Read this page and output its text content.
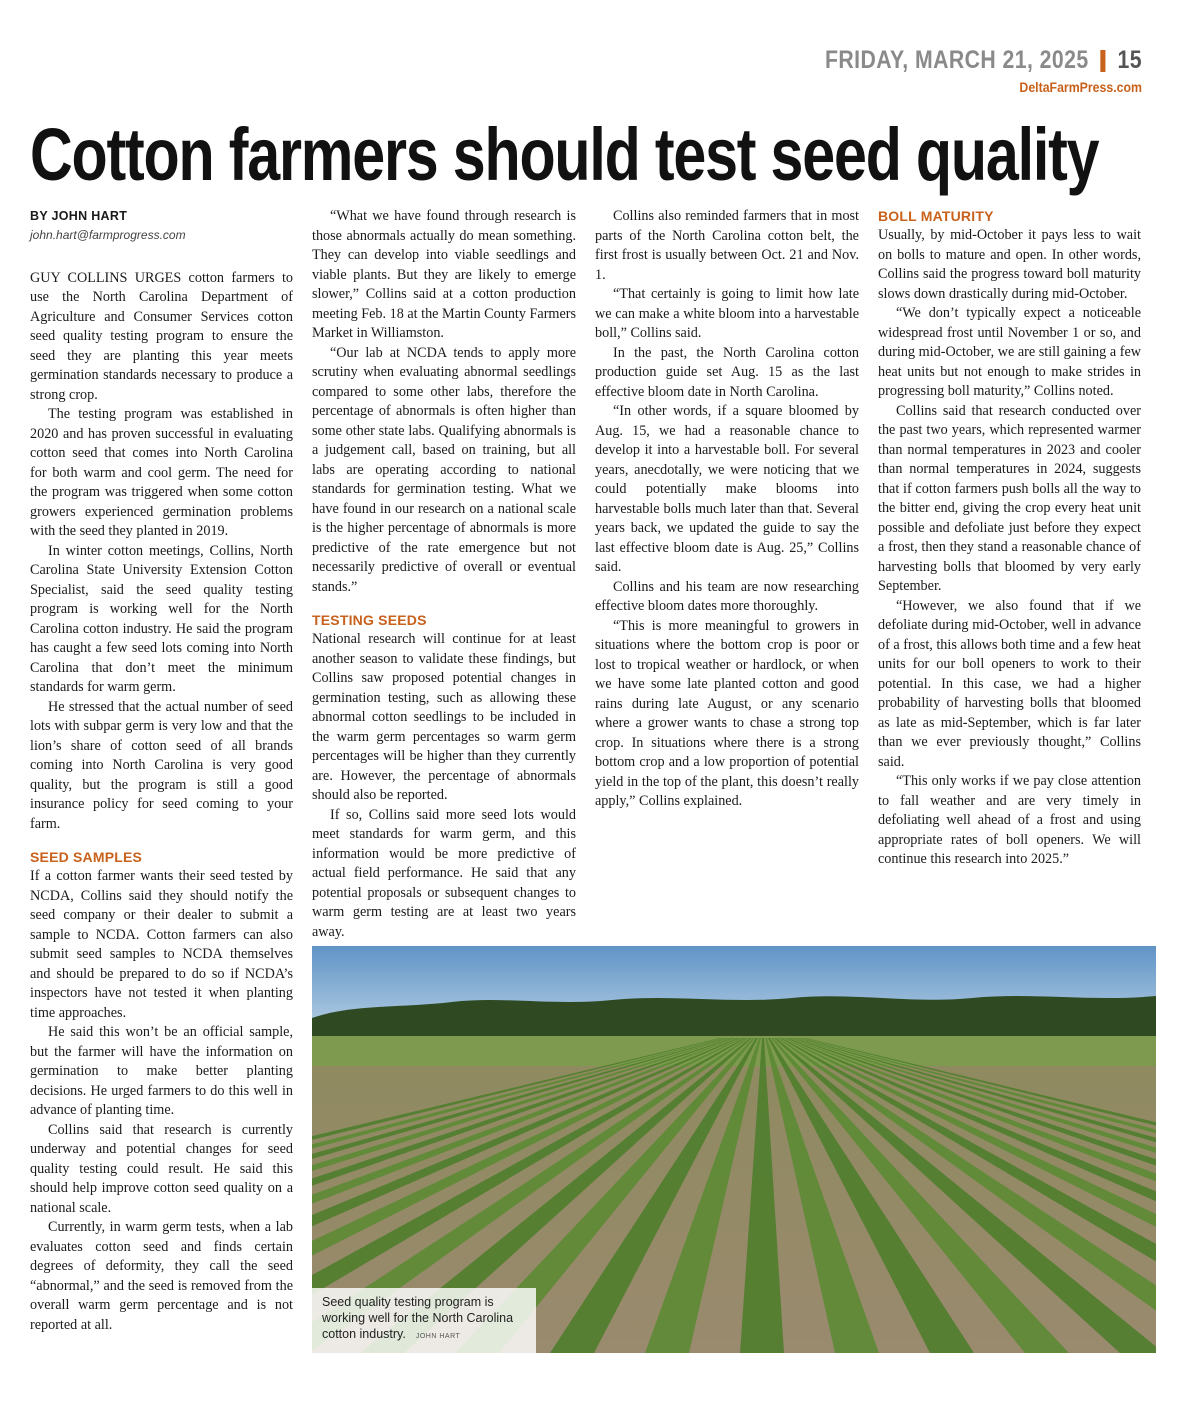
FRIDAY, MARCH 21, 2025 15
DeltaFarmPress.com
Cotton farmers should test seed quality
BY JOHN HART
john.hart@farmprogress.com

GUY COLLINS URGES cotton farmers to use the North Carolina Department of Agriculture and Consumer Services cotton seed quality testing program to ensure the seed they are planting this year meets germination standards necessary to produce a strong crop.

The testing program was established in 2020 and has proven successful in evaluating cotton seed that comes into North Carolina for both warm and cool germ. The need for the program was triggered when some cotton growers experienced germination problems with the seed they planted in 2019.

In winter cotton meetings, Collins, North Carolina State University Extension Cotton Specialist, said the seed quality testing program is working well for the North Carolina cotton industry. He said the program has caught a few seed lots coming into North Carolina that don’t meet the minimum standards for warm germ.

He stressed that the actual number of seed lots with subpar germ is very low and that the lion’s share of cotton seed of all brands coming into North Carolina is very good quality, but the program is still a good insurance policy for seed coming to your farm.

SEED SAMPLES

If a cotton farmer wants their seed tested by NCDA, Collins said they should notify the seed company or their dealer to submit a sample to NCDA. Cotton farmers can also submit seed samples to NCDA themselves and should be prepared to do so if NCDA’s inspectors have not tested it when planting time approaches.

He said this won’t be an official sample, but the farmer will have the information on germination to make better planting decisions. He urged farmers to do this well in advance of planting time.

Collins said that research is currently underway and potential changes for seed quality testing could result. He said this should help improve cotton seed quality on a national scale.

Currently, in warm germ tests, when a lab evaluates cotton seed and finds certain degrees of deformity, they call the seed “abnormal,” and the seed is removed from the overall warm germ percentage and is not reported at all.

“What we have found through research is those abnormals actually do mean something. They can develop into viable seedlings and viable plants. But they are likely to emerge slower,” Collins said at a cotton production meeting Feb. 18 at the Martin County Farmers Market in Williamston.

“Our lab at NCDA tends to apply more scrutiny when evaluating abnormal seedlings compared to some other labs, therefore the percentage of abnormals is often higher than some other state labs. Qualifying abnormals is a judgement call, based on training, but all labs are operating according to national standards for germination testing. What we have found in our research on a national scale is the higher percentage of abnormals is more predictive of the rate emergence but not necessarily predictive of overall or eventual stands.”

TESTING SEEDS

National research will continue for at least another season to validate these findings, but Collins saw proposed potential changes in germination testing, such as allowing these abnormal cotton seedlings to be included in the warm germ percentages so warm germ percentages will be higher than they currently are. However, the percentage of abnormals should also be reported.

If so, Collins said more seed lots would meet standards for warm germ, and this information would be more predictive of actual field performance. He said that any potential proposals or subsequent changes to warm germ testing are at least two years away.

Collins also reminded farmers that in most parts of the North Carolina cotton belt, the first frost is usually between Oct. 21 and Nov. 1.

“That certainly is going to limit how late we can make a white bloom into a harvestable boll,” Collins said.

In the past, the North Carolina cotton production guide set Aug. 15 as the last effective bloom date in North Carolina.

“In other words, if a square bloomed by Aug. 15, we had a reasonable chance to develop it into a harvestable boll. For several years, anecdotally, we were noticing that we could potentially make blooms into harvestable bolls much later than that. Several years back, we updated the guide to say the last effective bloom date is Aug. 25,” Collins said.

Collins and his team are now researching effective bloom dates more thoroughly.

“This is more meaningful to growers in situations where the bottom crop is poor or lost to tropical weather or hardlock, or when we have some late planted cotton and good rains during late August, or any scenario where a grower wants to chase a strong top crop. In situations where there is a strong bottom crop and a low proportion of potential yield in the top of the plant, this doesn’t really apply,” Collins explained.

BOLL MATURITY

Usually, by mid-October it pays less to wait on bolls to mature and open. In other words, Collins said the progress toward boll maturity slows down drastically during mid-October.

“We don’t typically expect a noticeable widespread frost until November 1 or so, and during mid-October, we are still gaining a few heat units but not enough to make strides in progressing boll maturity,” Collins noted.

Collins said that research conducted over the past two years, which represented warmer than normal temperatures in 2023 and cooler than normal temperatures in 2024, suggests that if cotton farmers push bolls all the way to the bitter end, giving the crop every heat unit possible and defoliate just before they expect a frost, then they stand a reasonable chance of harvesting bolls that bloomed by very early September.

“However, we also found that if we defoliate during mid-October, well in advance of a frost, this allows both time and a few heat units for our boll openers to work to their potential. In this case, we had a higher probability of harvesting bolls that bloomed as late as mid-September, which is far later than we ever previously thought,” Collins said.

“This only works if we pay close attention to fall weather and are very timely in defoliating well ahead of a frost and using appropriate rates of boll openers. We will continue this research into 2025.”

Seed quality testing program is working well for the North Carolina cotton industry. JOHN HART
